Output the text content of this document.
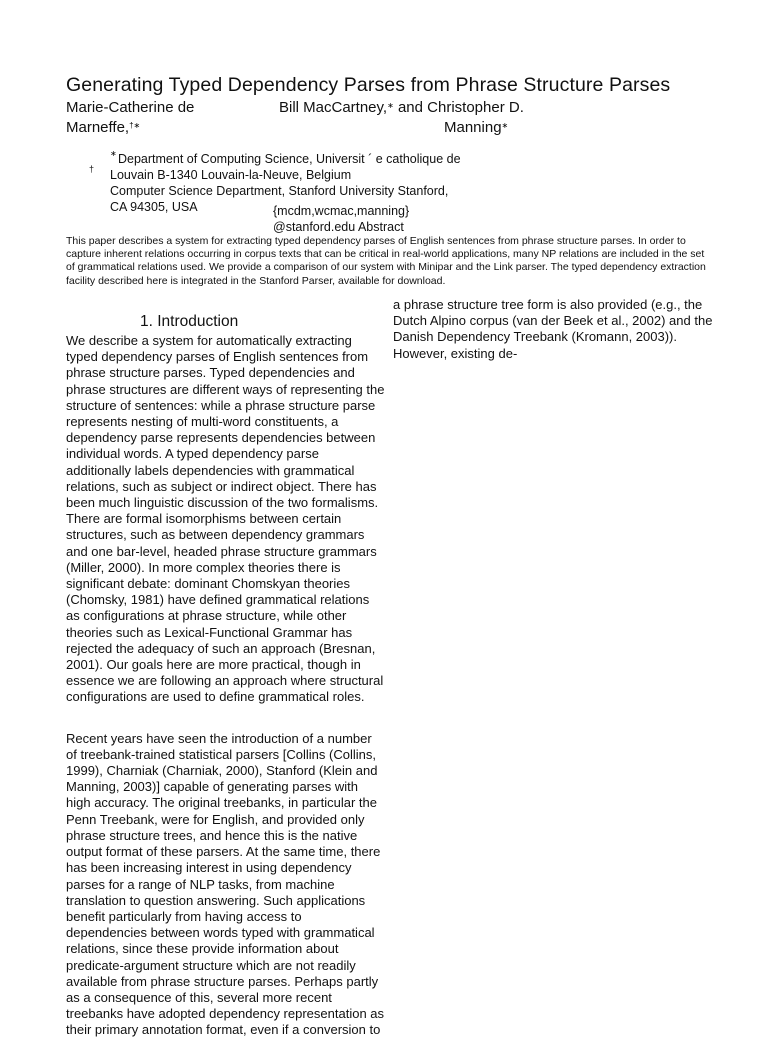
Generating Typed Dependency Parses from Phrase Structure Parses
Marie-Catherine de
Marneffe,†∗
Bill MacCartney,∗ and Christopher D.
Manning∗
∗
†
Department of Computing Science, Universit ´ e catholique de
Louvain B-1340 Louvain-la-Neuve, Belgium
Computer Science Department, Stanford University Stanford,
CA 94305, USA	{mcdm,wcmac,manning}
@stanford.edu Abstract
This paper describes a system for extracting typed dependency parses of English sentences from phrase structure parses. In order to capture inherent relations occurring in corpus texts that can be critical in real-world applications, many NP relations are included in the set of grammatical relations used. We provide a comparison of our system with Minipar and the Link parser. The typed dependency extraction facility described here is integrated in the Stanford Parser, available for download.
1. Introduction

We describe a system for automatically extracting typed dependency parses of English sentences from phrase structure parses. Typed dependencies and phrase structures are different ways of representing the structure of sentences: while a phrase structure parse represents nesting of multi-word constituents, a dependency parse represents dependencies between individual words. A typed dependency parse additionally labels dependencies with grammatical relations, such as subject or indirect object. There has been much linguistic discussion of the two formalisms. There are formal isomorphisms between certain structures, such as between dependency grammars and one bar-level, headed phrase structure grammars (Miller, 2000). In more complex theories there is significant debate: dominant Chomskyan theories (Chomsky, 1981) have defined grammatical relations as configurations at phrase structure, while other theories such as Lexical-Functional Grammar has rejected the adequacy of such an approach (Bresnan, 2001). Our goals here are more practical, though in essence we are following an approach where structural configurations are used to define grammatical roles.

Recent years have seen the introduction of a number of treebank-trained statistical parsers [Collins (Collins, 1999), Charniak (Charniak, 2000), Stanford (Klein and Manning, 2003)] capable of generating parses with high accuracy. The original treebanks, in particular the Penn Treebank, were for English, and provided only phrase structure trees, and hence this is the native output format of these parsers. At the same time, there has been increasing interest in using dependency parses for a range of NLP tasks, from machine translation to question answering. Such applications benefit particularly from having access to dependencies between words typed with grammatical relations, since these provide information about predicate-argument structure which are not readily available from phrase structure parses. Perhaps partly as a consequence of this, several more recent treebanks have adopted dependency representation as their primary annotation format, even if a conversion to

a phrase structure tree form is also provided (e.g., the Dutch Alpino corpus (van der Beek et al., 2002) and the Danish Dependency Treebank (Kromann, 2003)). However, existing de-
